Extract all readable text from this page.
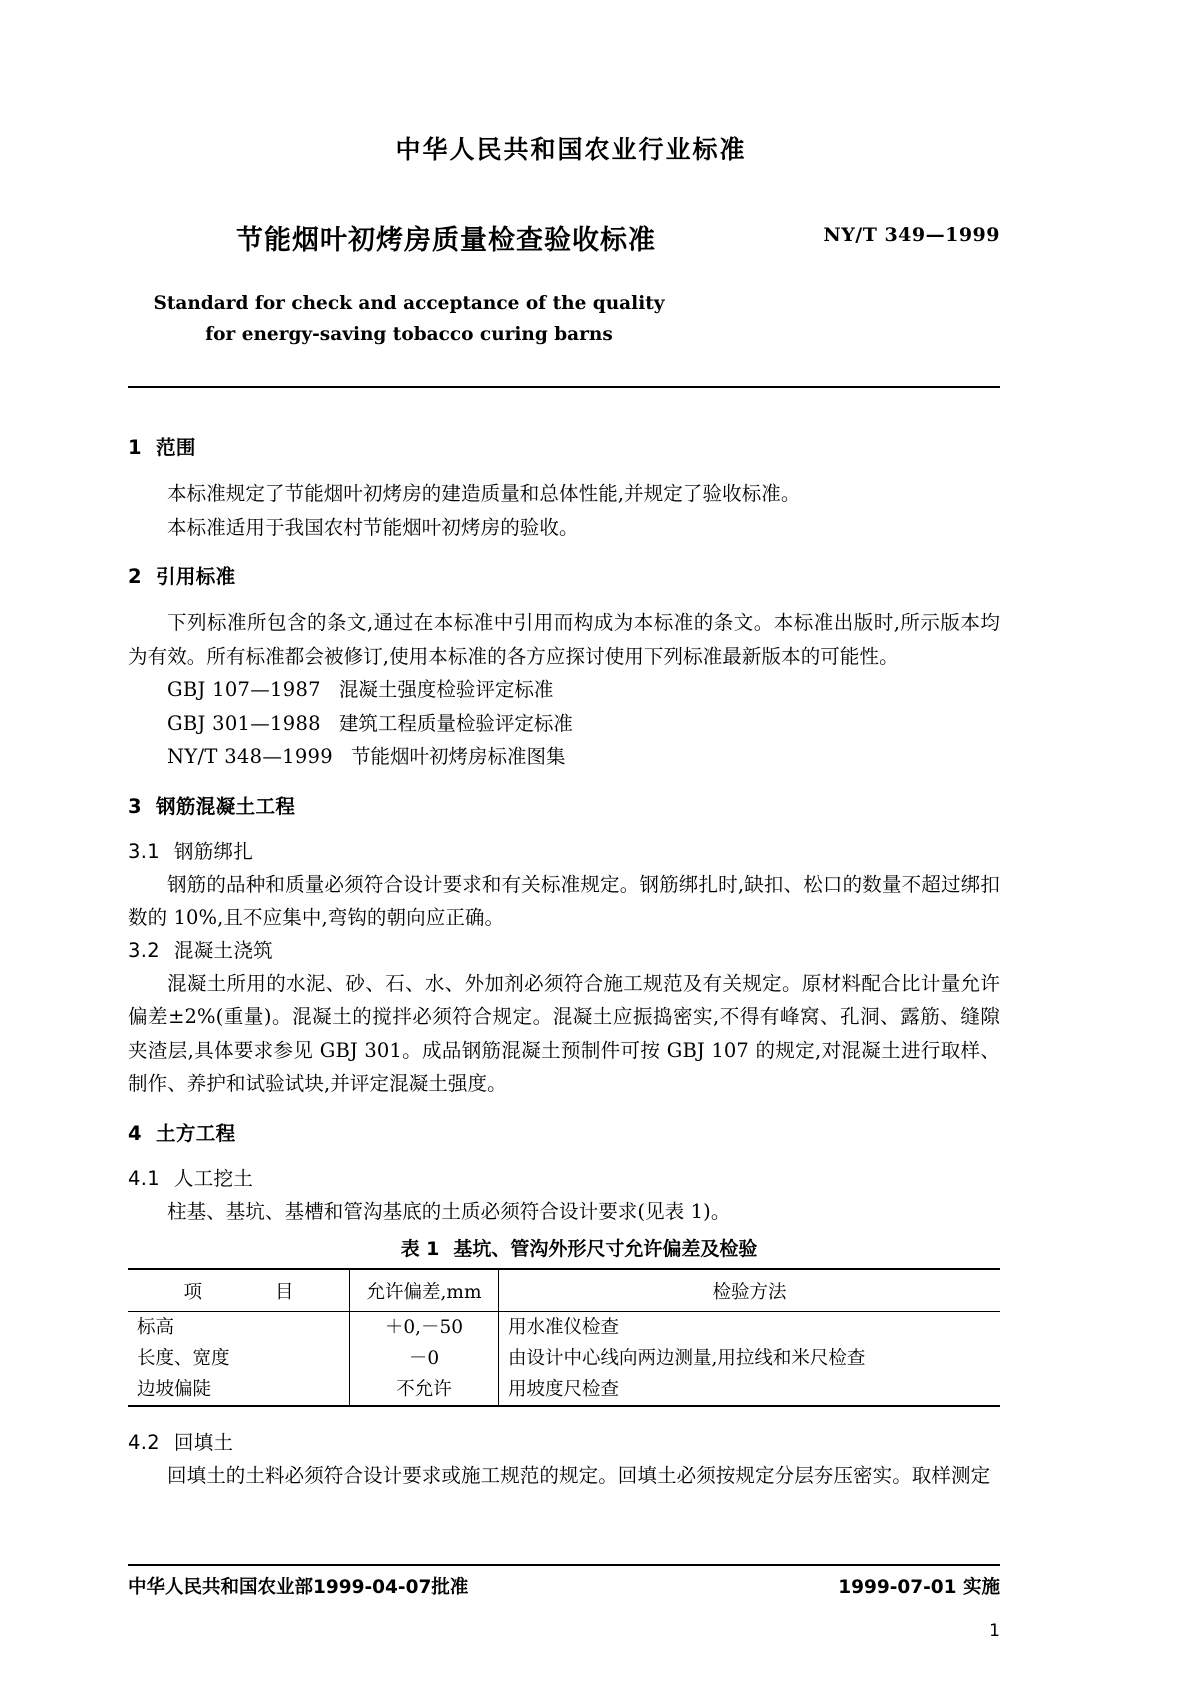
中华人民共和国农业行业标准
节能烟叶初烤房质量检查验收标准	NY/T 349—1999
Standard for check and acceptance of the quality
for energy-saving tobacco curing barns
1 范围

本标准规定了节能烟叶初烤房的建造质量和总体性能,并规定了验收标准。

本标准适用于我国农村节能烟叶初烤房的验收。

2 引用标准

下列标准所包含的条文,通过在本标准中引用而构成为本标准的条文。本标准出版时,所示版本均为有效。所有标准都会被修订,使用本标准的各方应探讨使用下列标准最新版本的可能性。

GBJ 107—1987 混凝土强度检验评定标准
GBJ 301—1988 建筑工程质量检验评定标准
NY/T 348—1999 节能烟叶初烤房标准图集
3 钢筋混凝土工程
3.1 钢筋绑扎

钢筋的品种和质量必须符合设计要求和有关标准规定。钢筋绑扎时,缺扣、松口的数量不超过绑扣数的 10%,且不应集中,弯钩的朝向应正确。

3.2 混凝土浇筑

混凝土所用的水泥、砂、石、水、外加剂必须符合施工规范及有关规定。原材料配合比计量允许偏差±2%(重量)。混凝土的搅拌必须符合规定。混凝土应振捣密实,不得有峰窝、孔洞、露筋、缝隙夹渣层,具体要求参见 GBJ 301。成品钢筋混凝土预制件可按 GBJ 107 的规定,对混凝土进行取样、制作、养护和试验试块,并评定混凝土强度。

4 土方工程
4.1 人工挖土

柱基、基坑、基槽和管沟基底的土质必须符合设计要求(见表 1)。

表 1 基坑、管沟外形尺寸允许偏差及检验
项　　目	允许偏差,mm	检验方法
标高	＋0,－50	用水准仪检查
长度、宽度	－0	由设计中心线向两边测量,用拉线和米尺检查
边坡偏陡	不允许	用坡度尺检查
4.2 回填土

回填土的土料必须符合设计要求或施工规范的规定。回填土必须按规定分层夯压密实。取样测定

中华人民共和国农业部1999-04-07批准	1999-07-01 实施
1
